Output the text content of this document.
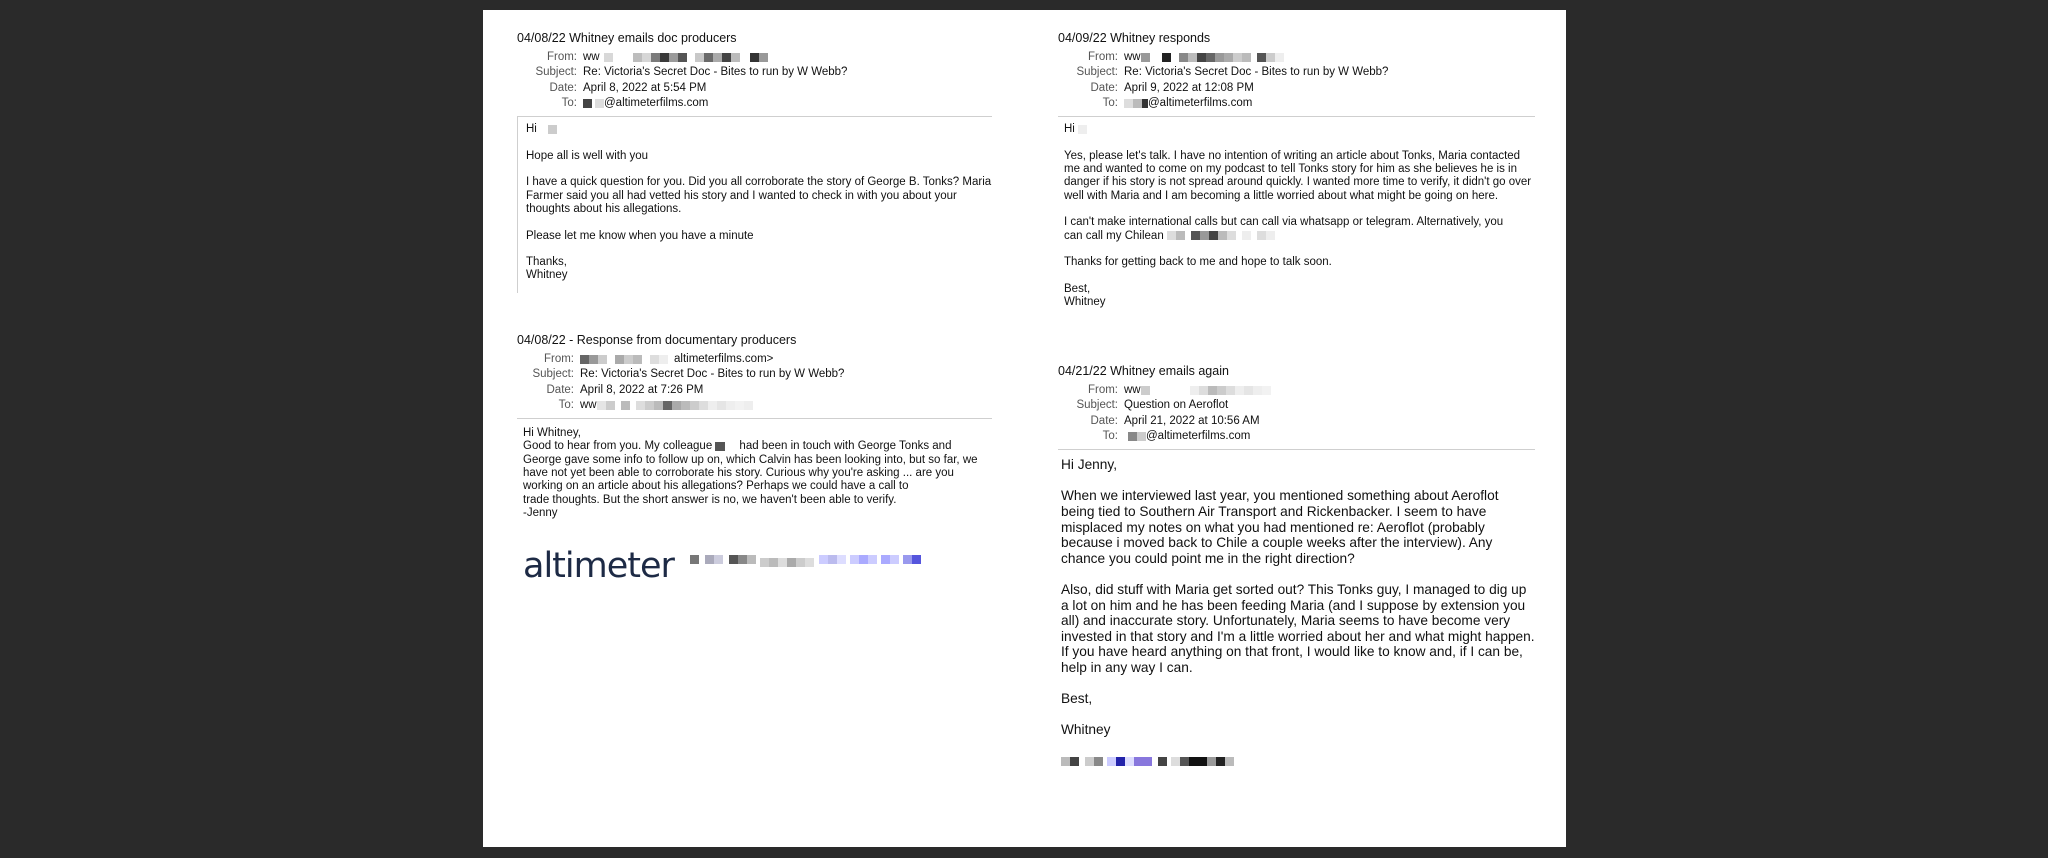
04/08/22 Whitney emails doc producers
From: ww
Subject: Re: Victoria's Secret Doc - Bites to run by W Webb?
Date: April 8, 2022 at 5:54 PM
To:	@altimeterfilms.com

Hi

Hope all is well with you

I have a quick question for you. Did you all corroborate the story of George B. Tonks? Maria Farmer said you all had vetted his story and I wanted to check in with you about your thoughts about his allegations.

Please let me know when you have a minute

Thanks,
Whitney
04/08/22 - Response from documentary producers
From:	altimeterfilms.com>
Subject: Re: Victoria's Secret Doc - Bites to run by W Webb?
Date: April 8, 2022 at 7:26 PM
To: ww
Hi Whitney,
Good to hear from you. My colleague had been in touch with George Tonks and
George gave some info to follow up on, which Calvin has been looking into, but so far, we
have not yet been able to corroborate his story. Curious why you're asking ... are you
working on an article about his allegations? Perhaps we could have a call to
trade thoughts. But the short answer is no, we haven't been able to verify.
-Jenny
altimeter

04/09/22 Whitney responds
From: ww
Subject: Re: Victoria's Secret Doc - Bites to run by W Webb?
Date: April 9, 2022 at 12:08 PM
To:	@altimeterfilms.com

Hi

Yes, please let's talk. I have no intention of writing an article about Tonks, Maria contacted me and wanted to come on my podcast to tell Tonks story for him as she believes he is in danger if his story is not spread around quickly. I wanted more time to verify, it didn't go over well with Maria and I am becoming a little worried about what might be going on here.

I can't make international calls but can call via whatsapp or telegram. Alternatively, you
can call my Chilean

Thanks for getting back to me and hope to talk soon.

Best,
Whitney
04/21/22 Whitney emails again
From: ww
Subject: Question on Aeroflot
Date: April 21, 2022 at 10:56 AM
To:	@altimeterfilms.com

Hi Jenny,

When we interviewed last year, you mentioned something about Aeroflot being tied to Southern Air Transport and Rickenbacker. I seem to have misplaced my notes on what you had mentioned re: Aeroflot (probably because i moved back to Chile a couple weeks after the interview). Any chance you could point me in the right direction?

Also, did stuff with Maria get sorted out? This Tonks guy, I managed to dig up a lot on him and he has been feeding Maria (and I suppose by extension you all) and inaccurate story. Unfortunately, Maria seems to have become very invested in that story and I'm a little worried about her and what might happen. If you have heard anything on that front, I would like to know and, if I can be, help in any way I can.

Best,

Whitney
